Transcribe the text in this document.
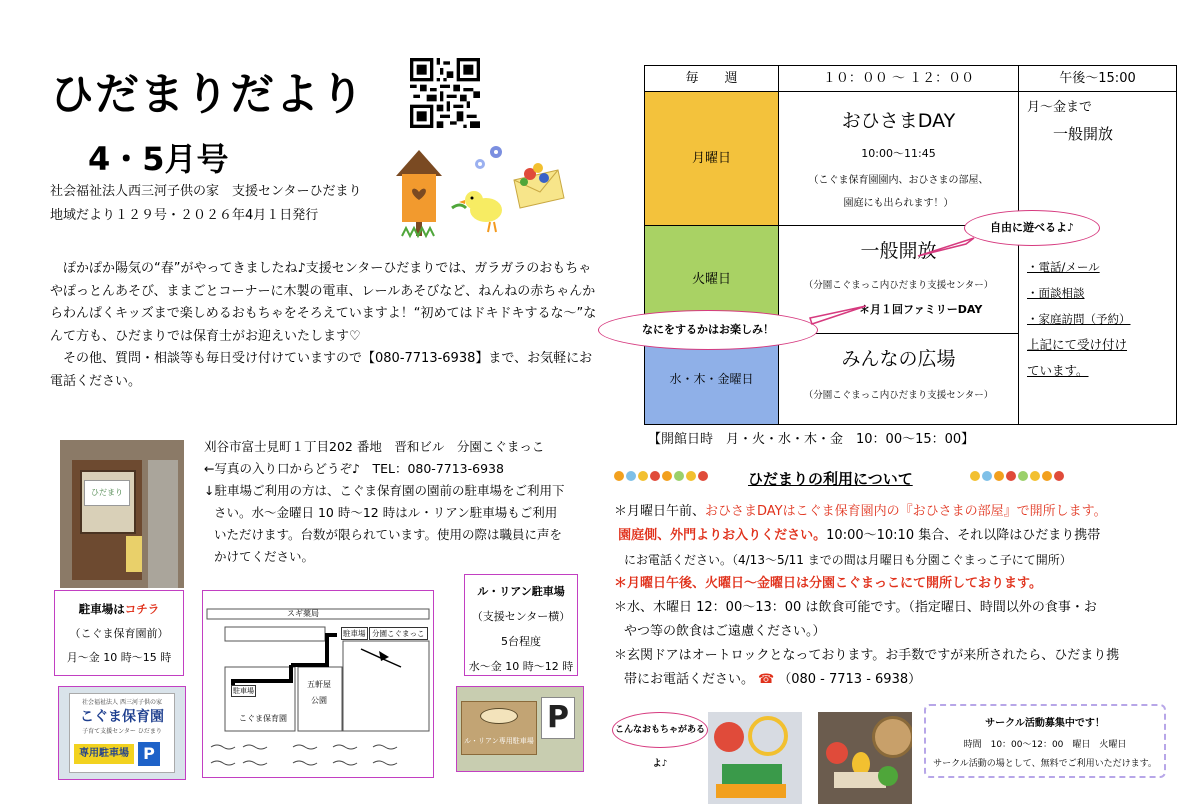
ひだまりだより
4・5月号
社会福祉法人西三河子供の家　支援センターひだまり
地域だより１２９号・２０２６年4月１日発行

ぽかぽか陽気の“春”がやってきましたね♪支援センターひだまりでは、ガラガラのおもちゃやぽっとんあそび、ままごとコーナーに木製の電車、レールあそびなど、ねんねの赤ちゃんからわんぱくキッズまで楽しめるおもちゃをそろえていますよ！“初めてはドキドキするな～”なんて方も、ひだまりでは保育士がお迎えいたします♡

その他、質問・相談等も毎日受け付けていますので【080-7713-6938】まで、お気軽にお電話ください。

ひだまり
刈谷市富士見町１丁目202 番地　晋和ビル　分園こぐまっこ
←写真の入り口からどうぞ♪　TEL：080-7713-6938
↓駐車場ご利用の方は、こぐま保育園の園前の駐車場をご利用下
さい。水～金曜日 10 時～12 時はル・リアン駐車場もご利用
いただけます。台数が限られています。使用の際は職員に声を
かけてください。
駐車場はコチラ
（こぐま保育園前）
月～金 10 時～15 時
ル・リアン駐車場
（支援センター横）
5台程度
水～金 10 時～12 時
スギ薬局
駐車場 分園こぐまっこ
駐車場
五軒屋
公園
こぐま保育園
社会福祉法人 西三河子供の家
こぐま保育園
子育て支援センター ひだまり
専用駐車場 P
ル・リアン専用駐車場
P
毎　　週	１０：００ ～ １２：００	午後～15:00
月曜日
火曜日
水・木・金曜日
おひさまDAY
10:00～11:45
（こぐま保育園園内、おひさまの部屋、
園庭にも出られます！）
一般開放
（分園こぐまっこ内ひだまり支援センター）
＊月１回ファミリーDAY
みんなの広場
（分園こぐまっこ内ひだまり支援センター）
月～金まで
一般開放
・電話/メール
・面談相談
・家庭訪問（予約）
上記にて受け付け
ています。
自由に遊べるよ♪
なにをするかはお楽しみ！
【開館日時　月・火・水・木・金　10：00～15：00】
ひだまりの利用について
＊月曜日午前、おひさまDAYはこぐま保育園内の『おひさまの部屋』で開所します。
園庭側、外門よりお入りください。10:00～10:10 集合、それ以降はひだまり携帯
にお電話ください。（4/13～5/11 までの間は月曜日も分園こぐまっこ子にて開所）
＊月曜日午後、火曜日～金曜日は分園こぐまっこにて開所しております。
＊水、木曜日 12：00～13：00 は飲食可能です。（指定曜日、時間以外の食事・お
やつ等の飲食はご遠慮ください。）
＊玄関ドアはオートロックとなっております。お手数ですが来所されたら、ひだまり携
帯にお電話ください。 ☎ （080 - 7713 - 6938）
こんなおもちゃがあるよ♪
サークル活動募集中です！
時間　10：00～12：00　曜日　火曜日
サークル活動の場として、無料でご利用いただけます。
